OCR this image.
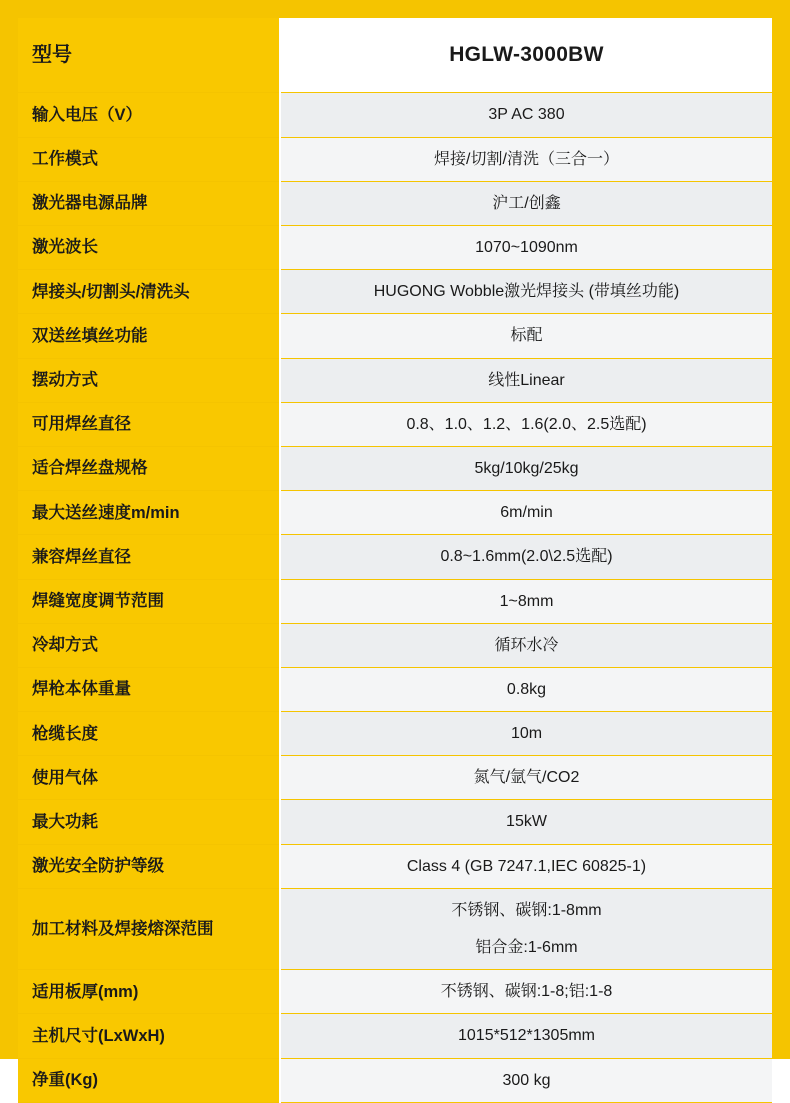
型号	HGLW-3000BW
输入电压（V）	3P AC 380
工作模式	焊接/切割/清洗（三合一）
激光器电源品牌	沪工/创鑫
激光波长	1070~1090nm
焊接头/切割头/清洗头	HUGONG Wobble激光焊接头 (带填丝功能)
双送丝填丝功能	标配
摆动方式	线性Linear
可用焊丝直径	0.8、1.0、1.2、1.6(2.0、2.5选配)
适合焊丝盘规格	5kg/10kg/25kg
最大送丝速度m/min	6m/min
兼容焊丝直径	0.8~1.6mm(2.0\2.5选配)
焊缝宽度调节范围	1~8mm
冷却方式	循环水冷
焊枪本体重量	0.8kg
枪缆长度	10m
使用气体	氮气/氩气/CO2
最大功耗	15kW
激光安全防护等级	Class 4 (GB 7247.1,IEC 60825-1)
加工材料及焊接熔深范围	不锈钢、碳钢:1-8mm
铝合金:1-6mm

适用板厚(mm)	不锈钢、碳钢:1-8;铝:1-8
主机尺寸(LxWxH)	1015*512*1305mm
净重(Kg)	300 kg
